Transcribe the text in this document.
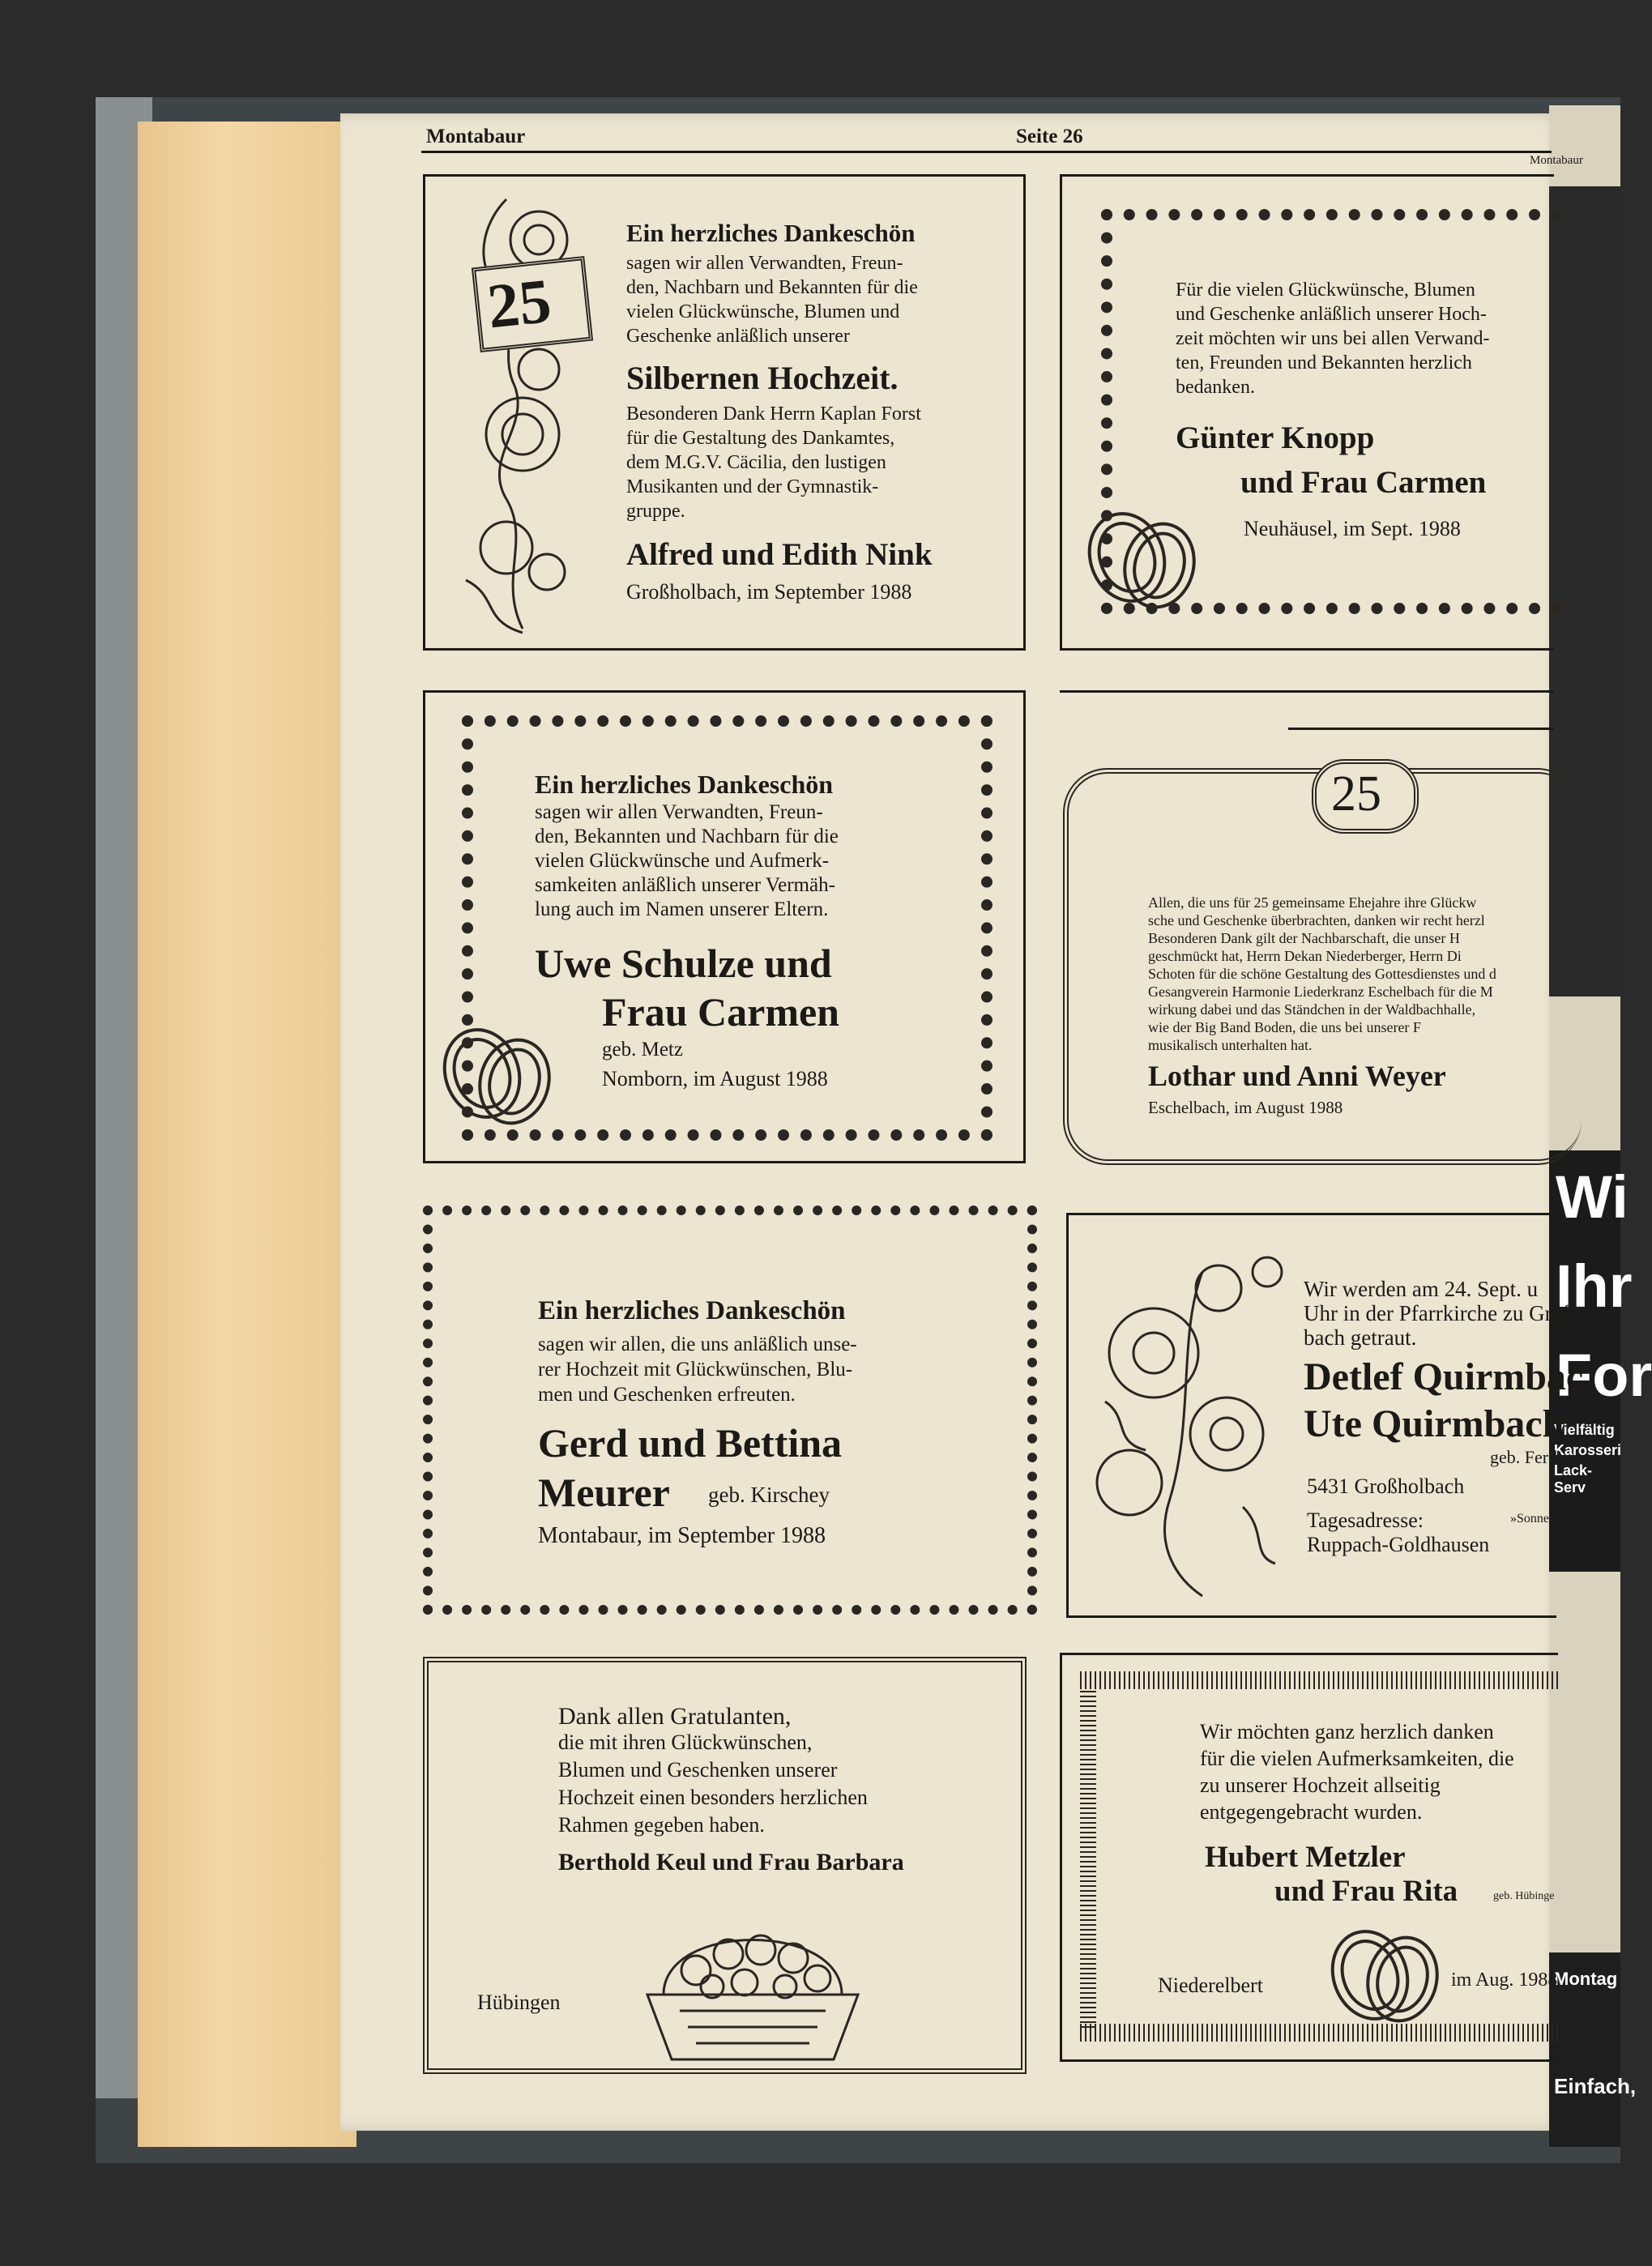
Wi
Ihr
For
Vielfältig
Karosseri
Lack-Serv
Montag
Einfach,
Montabaur	Seite 26
Montabaur
25
Ein herzliches Dankeschön
sagen wir allen Verwandten, Freun-
den, Nachbarn und Bekannten für die
vielen Glückwünsche, Blumen und
Geschenke anläßlich unserer
Silbernen Hochzeit.
Besonderen Dank Herrn Kaplan Forst
für die Gestaltung des Dankamtes,
dem M.G.V. Cäcilia, den lustigen
Musikanten und der Gymnastik-
gruppe.
Alfred und Edith Nink
Großholbach, im September 1988
Für die vielen Glückwünsche, Blumen
und Geschenke anläßlich unserer Hoch-
zeit möchten wir uns bei allen Verwand-
ten, Freunden und Bekannten herzlich
bedanken.
Günter Knopp
und Frau Carmen
Neuhäusel, im Sept. 1988
Ein herzliches Dankeschön
sagen wir allen Verwandten, Freun-
den, Bekannten und Nachbarn für die
vielen Glückwünsche und Aufmerk-
samkeiten anläßlich unserer Vermäh-
lung auch im Namen unserer Eltern.
Uwe Schulze und
Frau Carmen
geb. Metz
Nomborn, im August 1988
25
Allen, die uns für 25 gemeinsame Ehejahre ihre Glückw
sche und Geschenke überbrachten, danken wir recht herzl
Besonderen Dank gilt der Nachbarschaft, die unser H
geschmückt hat, Herrn Dekan Niederberger, Herrn Di
Schoten für die schöne Gestaltung des Gottesdienstes und d
Gesangverein Harmonie Liederkranz Eschelbach für die M
wirkung dabei und das Ständchen in der Waldbachhalle,
wie der Big Band Boden, die uns bei unserer F
musikalisch unterhalten hat.
Lothar und Anni Weyer
Eschelbach, im August 1988
Ein herzliches Dankeschön
sagen wir allen, die uns anläßlich unse-
rer Hochzeit mit Glückwünschen, Blu-
men und Geschenken erfreuten.
Gerd und Bettina
Meurer geb. Kirschey
Montabaur, im September 1988
Wir werden am 24. Sept. u
Uhr in der Pfarrkirche zu Groß
bach getraut.
Detlef Quirmbac
Ute Quirmbach
geb. Ferdi
5431 Großholbach
Tagesadresse:	»Sonne
Ruppach-Goldhausen
Dank allen Gratulanten,
die mit ihren Glückwünschen,
Blumen und Geschenken unserer
Hochzeit einen besonders herzlichen
Rahmen gegeben haben.
Berthold Keul und Frau Barbara
Hübingen
Wir möchten ganz herzlich danken
für die vielen Aufmerksamkeiten, die
zu unserer Hochzeit allseitig
entgegengebracht wurden.
Hubert Metzler
und Frau Rita	geb. Hübinge
Niederelbert	im Aug. 1988
